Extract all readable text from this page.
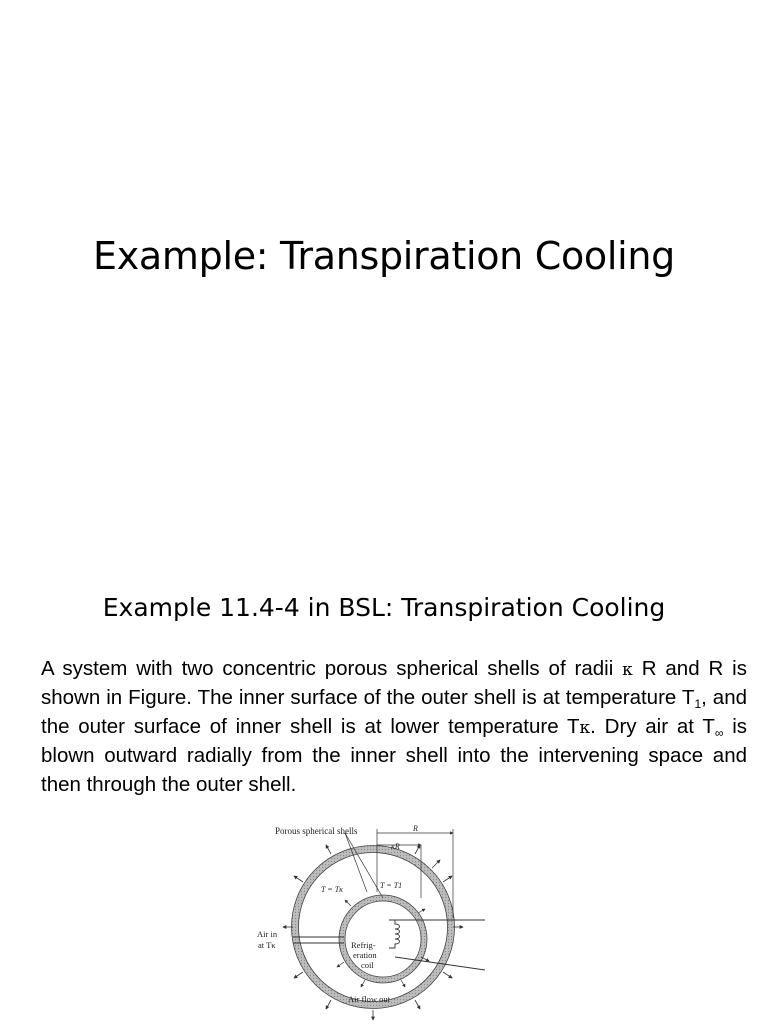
Example: Transpiration Cooling
Example 11.4-4 in BSL: Transpiration Cooling

A system with two concentric porous spherical shells of radii κ R and R is shown in Figure. The inner surface of the outer shell is at temperature $T_1$, and the outer surface of inner shell is at lower temperature Tκ. Dry air at $T_\infty$ is blown outward radially from the inner shell into the intervening space and then through the outer shell.

Porous spherical shells	R
κR
T = Tκ	T = T1
Air in
at Tκ	Refrig-
eration
coil
Air flow out
